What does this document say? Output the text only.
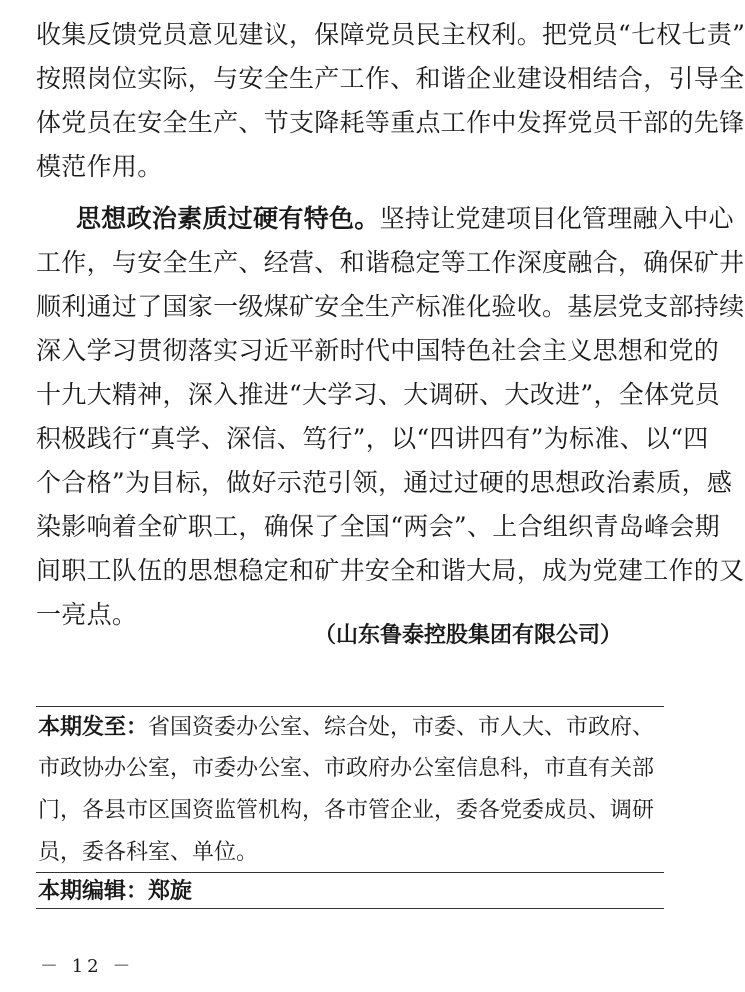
收集反馈党员意见建议，保障党员民主权利。把党员“七权七责”

按照岗位实际，与安全生产工作、和谐企业建设相结合，引导全

体党员在安全生产、节支降耗等重点工作中发挥党员干部的先锋

模范作用。

思想政治素质过硬有特色。坚持让党建项目化管理融入中心

工作，与安全生产、经营、和谐稳定等工作深度融合，确保矿井

顺利通过了国家一级煤矿安全生产标准化验收。基层党支部持续

深入学习贯彻落实习近平新时代中国特色社会主义思想和党的

十九大精神，深入推进“大学习、大调研、大改进”，全体党员

积极践行“真学、深信、笃行”，以“四讲四有”为标准、以“四

个合格”为目标，做好示范引领，通过过硬的思想政治素质，感

染影响着全矿职工，确保了全国“两会”、上合组织青岛峰会期

间职工队伍的思想稳定和矿井安全和谐大局，成为党建工作的又

一亮点。

（山东鲁泰控股集团有限公司）
本期发至：省国资委办公室、综合处，市委、市人大、市政府、
市政协办公室，市委办公室、市政府办公室信息科，市直有关部
门，各县市区国资监管机构，各市管企业，委各党委成员、调研
员，委各科室、单位。
本期编辑：郑旋
－ 12 －
